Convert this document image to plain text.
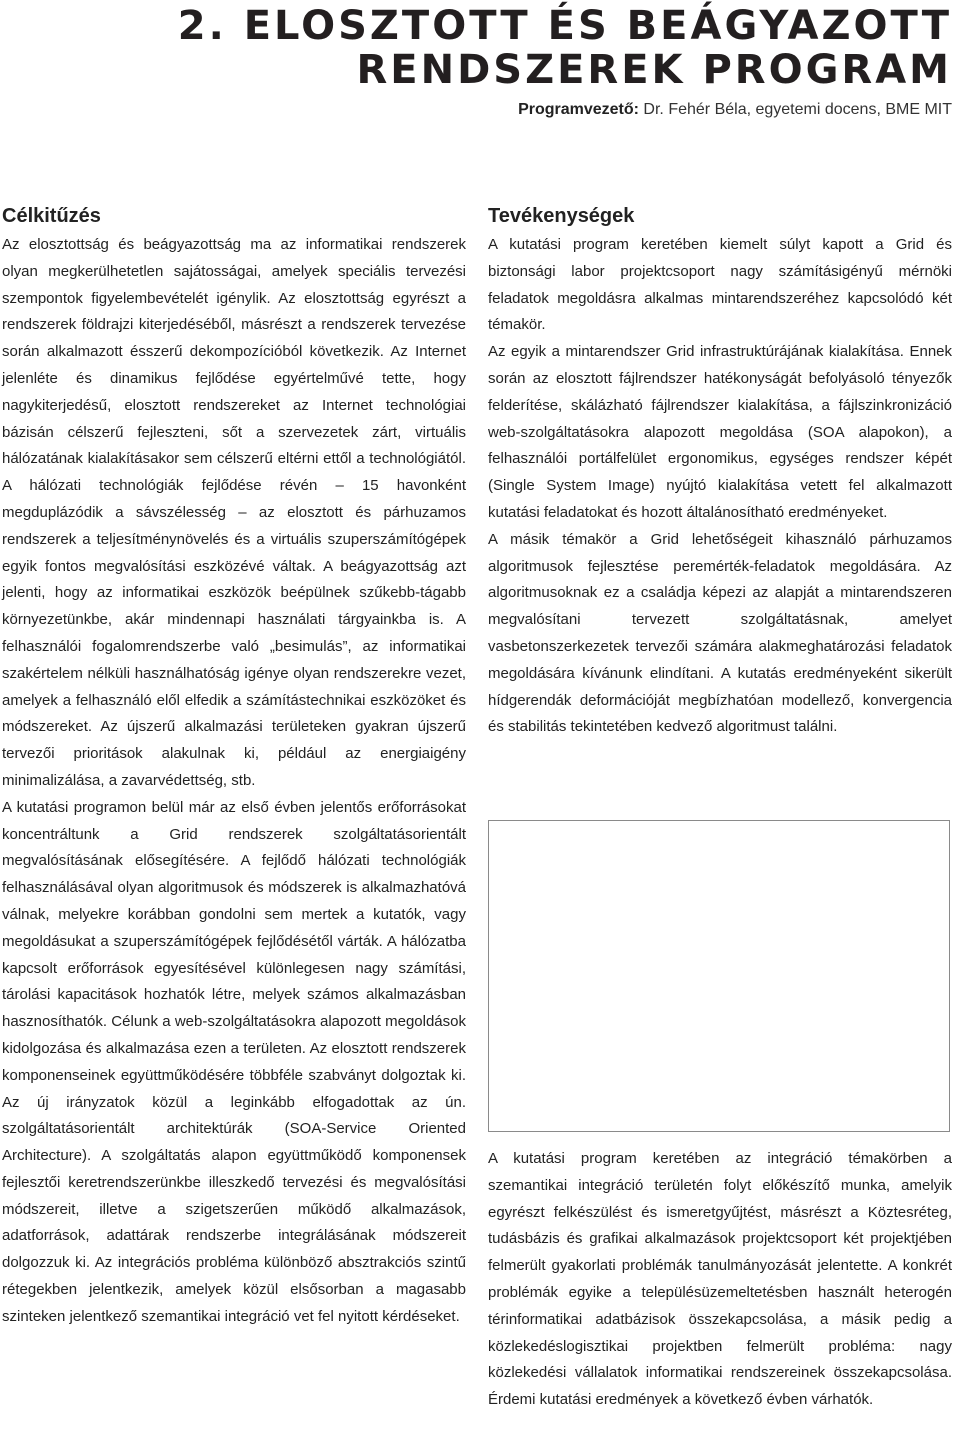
2. ELOSZTOTT ÉS BEÁGYAZOTT
RENDSZEREK PROGRAM

Programvezető: Dr. Fehér Béla, egyetemi docens, BME MIT

Célkitűzés

Az elosztottság és beágyazottság ma az informatikai rendszerek olyan megkerülhetetlen sajátosságai, amelyek speciális tervezési szempontok figyelembevételét igénylik. Az elosztottság egyrészt a rendszerek földrajzi kiterjedéséből, másrészt a rendszerek tervezése során alkalmazott ésszerű dekompozícióból következik. Az Internet jelenléte és dinamikus fejlődése egyértelművé tette, hogy nagykiterjedésű, elosztott rendszereket az Internet technológiai bázisán célszerű fejleszteni, sőt a szervezetek zárt, virtuális hálózatának kialakításakor sem célszerű eltérni ettől a technológiától. A hálózati technológiák fejlődése révén – 15 havonként megduplázódik a sávszélesség – az elosztott és párhuzamos rendszerek a teljesítménynövelés és a virtuális szuperszámítógépek egyik fontos megvalósítási eszközévé váltak. A beágyazottság azt jelenti, hogy az informatikai eszközök beépülnek szűkebb-tágabb környezetünkbe, akár mindennapi használati tárgyainkba is. A felhasználói fogalomrendszerbe való „besimulás”, az informatikai szakértelem nélküli használhatóság igénye olyan rendszerekre vezet, amelyek a felhasználó elől elfedik a számítástechnikai eszközöket és módszereket. Az újszerű alkalmazási területeken gyakran újszerű tervezői prioritások alakulnak ki, például az energiaigény minimalizálása, a zavarvédettség, stb.

A kutatási programon belül már az első évben jelentős erőforrásokat koncentráltunk a Grid rendszerek szolgáltatásorientált megvalósításának elősegítésére. A fejlődő hálózati technológiák felhasználásával olyan algoritmusok és módszerek is alkalmazhatóvá válnak, melyekre korábban gondolni sem mertek a kutatók, vagy megoldásukat a szuperszámítógépek fejlődésétől várták. A hálózatba kapcsolt erőforrások egyesítésével különlegesen nagy számítási, tárolási kapacitások hozhatók létre, melyek számos alkalmazásban hasznosíthatók. Célunk a web-szolgáltatásokra alapozott megoldások kidolgozása és alkalmazása ezen a területen. Az elosztott rendszerek komponenseinek együttműködésére többféle szabványt dolgoztak ki. Az új irányzatok közül a leginkább elfogadottak az ún. szolgáltatásorientált architektúrák (SOA-Service Oriented Architecture). A szolgáltatás alapon együttműködő komponensek fejlesztői keretrendszerünkbe illeszkedő tervezési és megvalósítási módszereit, illetve a szigetszerűen működő alkalmazások, adatforrások, adattárak rendszerbe integrálásának módszereit dolgozzuk ki. Az integrációs probléma különböző absztrakciós szintű rétegekben jelentkezik, amelyek közül elsősorban a magasabb szinteken jelentkező szemantikai integráció vet fel nyitott kérdéseket.

Tevékenységek

A kutatási program keretében kiemelt súlyt kapott a Grid és biztonsági labor projektcsoport nagy számításigényű mérnöki feladatok megoldásra alkalmas mintarendszeréhez kapcsolódó két témakör.

Az egyik a mintarendszer Grid infrastruktúrájának kialakítása. Ennek során az elosztott fájlrendszer hatékonyságát befolyásoló tényezők felderítése, skálázható fájlrendszer kialakítása, a fájlszinkronizáció web-szolgáltatásokra alapozott megoldása (SOA alapokon), a felhasználói portálfelület ergonomikus, egységes rendszer képét (Single System Image) nyújtó kialakítása vetett fel alkalmazott kutatási feladatokat és hozott általánosítható eredményeket.

A másik témakör a Grid lehetőségeit kihasználó párhuzamos algoritmusok fejlesztése peremérték-feladatok megoldására. Az algoritmusoknak ez a családja képezi az alapját a mintarendszeren megvalósítani tervezett szolgáltatásnak, amelyet vasbetonszerkezetek tervezői számára alakmeghatározási feladatok megoldására kívánunk elindítani. A kutatás eredményeként sikerült hídgerendák deformációját megbízhatóan modellező, konvergencia és stabilitás tekintetében kedvező algoritmust találni.

A kutatási program keretében az integráció témakörben a szemantikai integráció területén folyt előkészítő munka, amelyik egyrészt felkészülést és ismeretgyűjtést, másrészt a Köztesréteg, tudásbázis és grafikai alkalmazások projektcsoport két projektjében felmerült gyakorlati problémák tanulmányozását jelentette. A konkrét problémák egyike a településüzemeltetésben használt heterogén térinformatikai adatbázisok összekapcsolása, a másik pedig a közlekedéslogisztikai projektben felmerült probléma: nagy közlekedési vállalatok informatikai rendszereinek összekapcsolása. Érdemi kutatási eredmények a következő évben várhatók.
